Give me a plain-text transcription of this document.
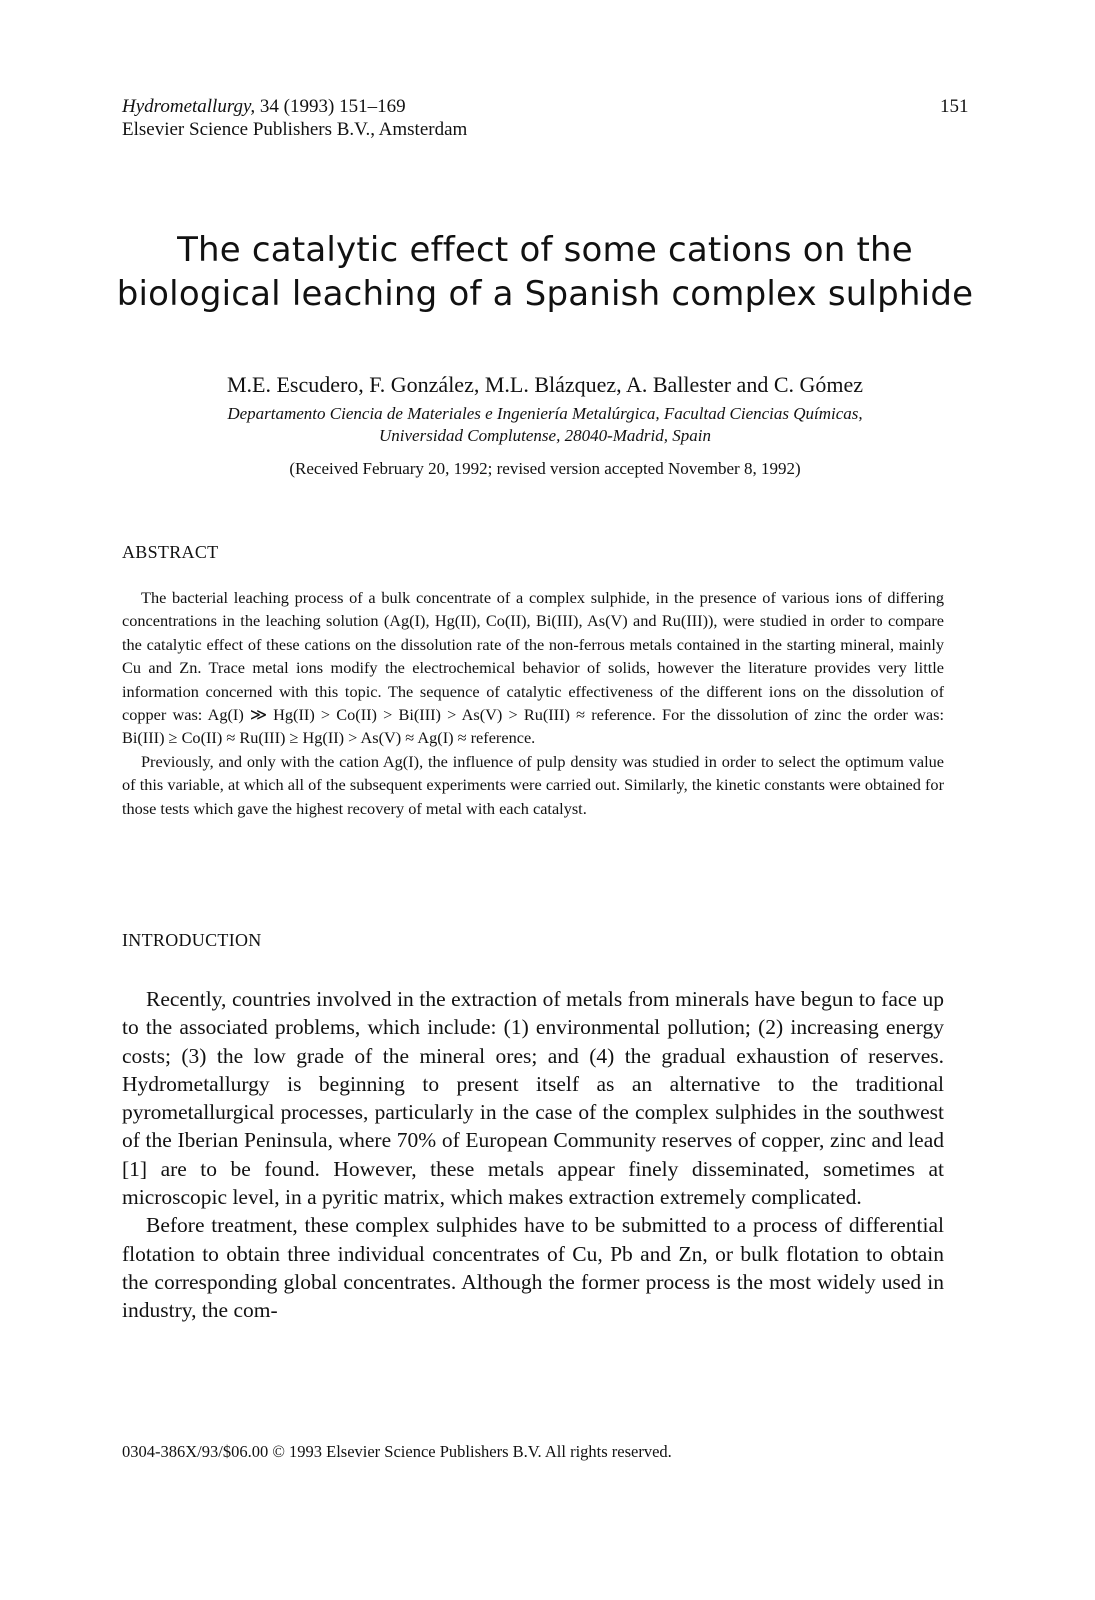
Hydrometallurgy, 34 (1993) 151–169
Elsevier Science Publishers B.V., Amsterdam
151
The catalytic effect of some cations on the
biological leaching of a Spanish complex sulphide
M.E. Escudero, F. González, M.L. Blázquez, A. Ballester and C. Gómez
Departamento Ciencia de Materiales e Ingeniería Metalúrgica, Facultad Ciencias Químicas,
Universidad Complutense, 28040-Madrid, Spain
(Received February 20, 1992; revised version accepted November 8, 1992)
ABSTRACT

The bacterial leaching process of a bulk concentrate of a complex sulphide, in the presence of various ions of differing concentrations in the leaching solution (Ag(I), Hg(II), Co(II), Bi(III), As(V) and Ru(III)), were studied in order to compare the catalytic effect of these cations on the dissolution rate of the non-ferrous metals contained in the starting mineral, mainly Cu and Zn. Trace metal ions modify the electrochemical behavior of solids, however the literature provides very little information concerned with this topic. The sequence of catalytic effectiveness of the different ions on the dissolution of copper was: Ag(I) ≫ Hg(II) > Co(II) > Bi(III) > As(V) > Ru(III) ≈ reference. For the dissolution of zinc the order was: Bi(III) ≥ Co(II) ≈ Ru(III) ≥ Hg(II) > As(V) ≈ Ag(I) ≈ reference.

Previously, and only with the cation Ag(I), the influence of pulp density was studied in order to select the optimum value of this variable, at which all of the subsequent experiments were carried out. Similarly, the kinetic constants were obtained for those tests which gave the highest recovery of metal with each catalyst.

INTRODUCTION

Recently, countries involved in the extraction of metals from minerals have begun to face up to the associated problems, which include: (1) environmental pollution; (2) increasing energy costs; (3) the low grade of the mineral ores; and (4) the gradual exhaustion of reserves. Hydrometallurgy is beginning to present itself as an alternative to the traditional pyrometallurgical processes, particularly in the case of the complex sulphides in the southwest of the Iberian Peninsula, where 70% of European Community reserves of copper, zinc and lead [1] are to be found. However, these metals appear finely disseminated, sometimes at microscopic level, in a pyritic matrix, which makes extraction extremely complicated.

Before treatment, these complex sulphides have to be submitted to a process of differential flotation to obtain three individual concentrates of Cu, Pb and Zn, or bulk flotation to obtain the corresponding global concentrates. Although the former process is the most widely used in industry, the com-

0304-386X/93/$06.00 © 1993 Elsevier Science Publishers B.V. All rights reserved.
